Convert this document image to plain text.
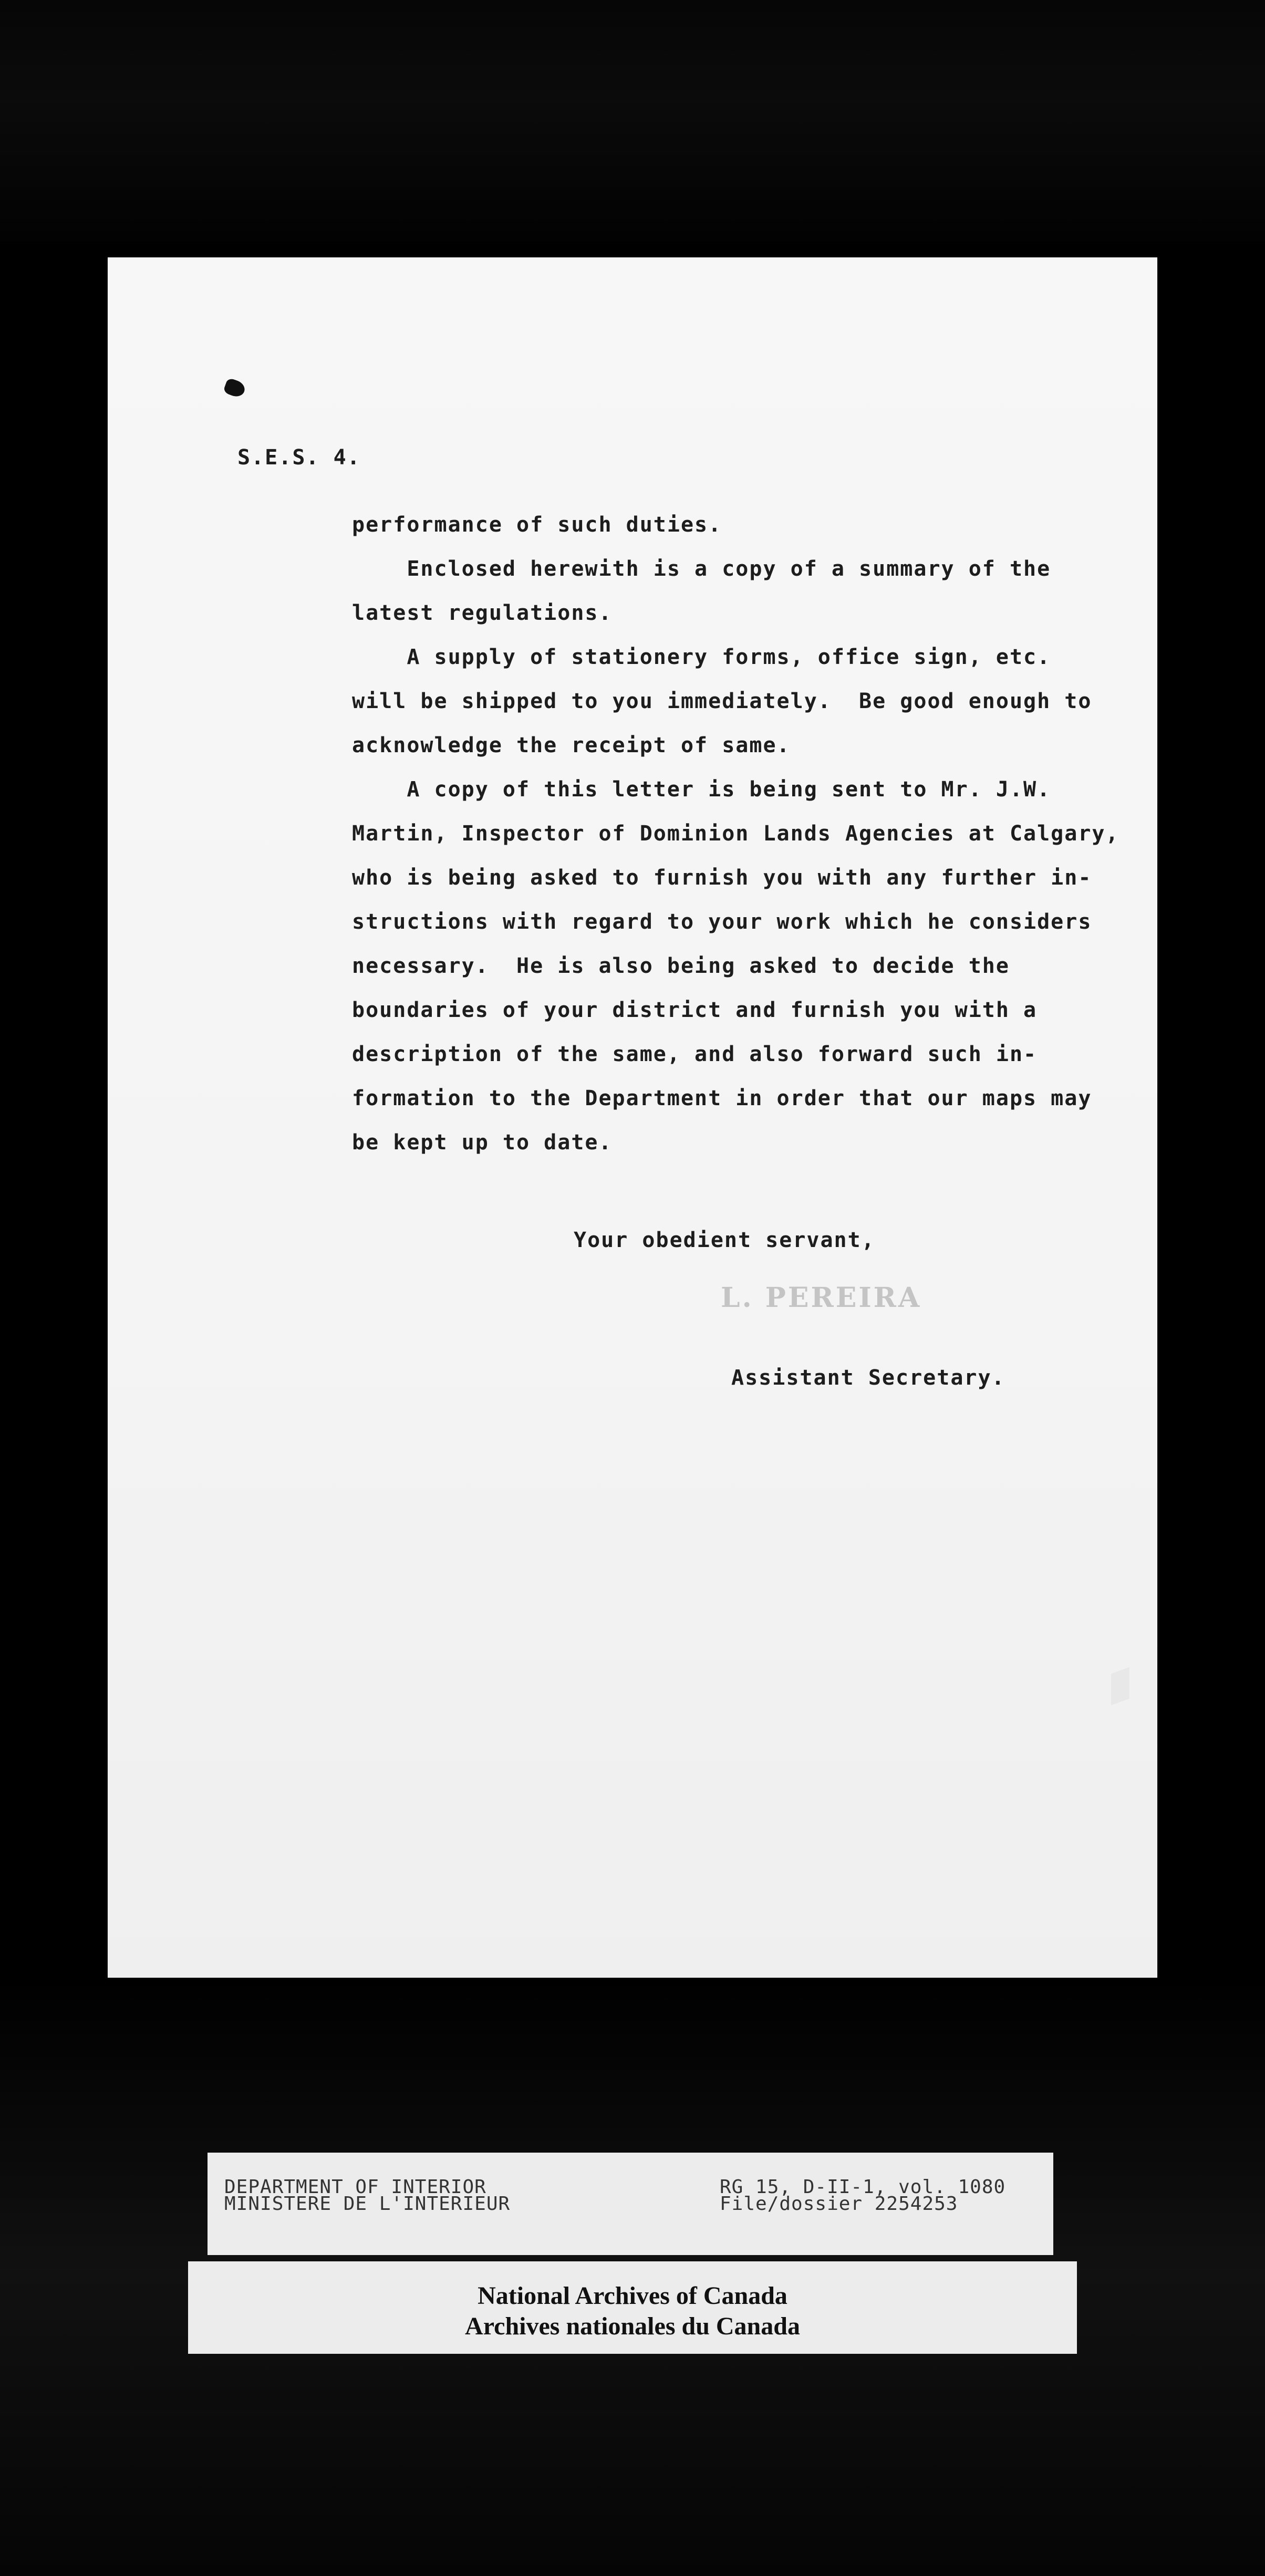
S.E.S. 4.
performance of such duties.
Enclosed herewith is a copy of a summary of the
latest regulations.
A supply of stationery forms, office sign, etc.
will be shipped to you immediately.  Be good enough to
acknowledge the receipt of same.
A copy of this letter is being sent to Mr. J.W.
Martin, Inspector of Dominion Lands Agencies at Calgary,
who is being asked to furnish you with any further in-
structions with regard to your work which he considers
necessary.  He is also being asked to decide the
boundaries of your district and furnish you with a
description of the same, and also forward such in-
formation to the Department in order that our maps may
be kept up to date.
Your obedient servant,
L. PEREIRA
Assistant Secretary.
DEPARTMENT OF INTERIOR
MINISTERE DE L'INTERIEUR
RG 15, D-II-1, vol. 1080
File/dossier 2254253
National Archives of Canada
Archives nationales du Canada
